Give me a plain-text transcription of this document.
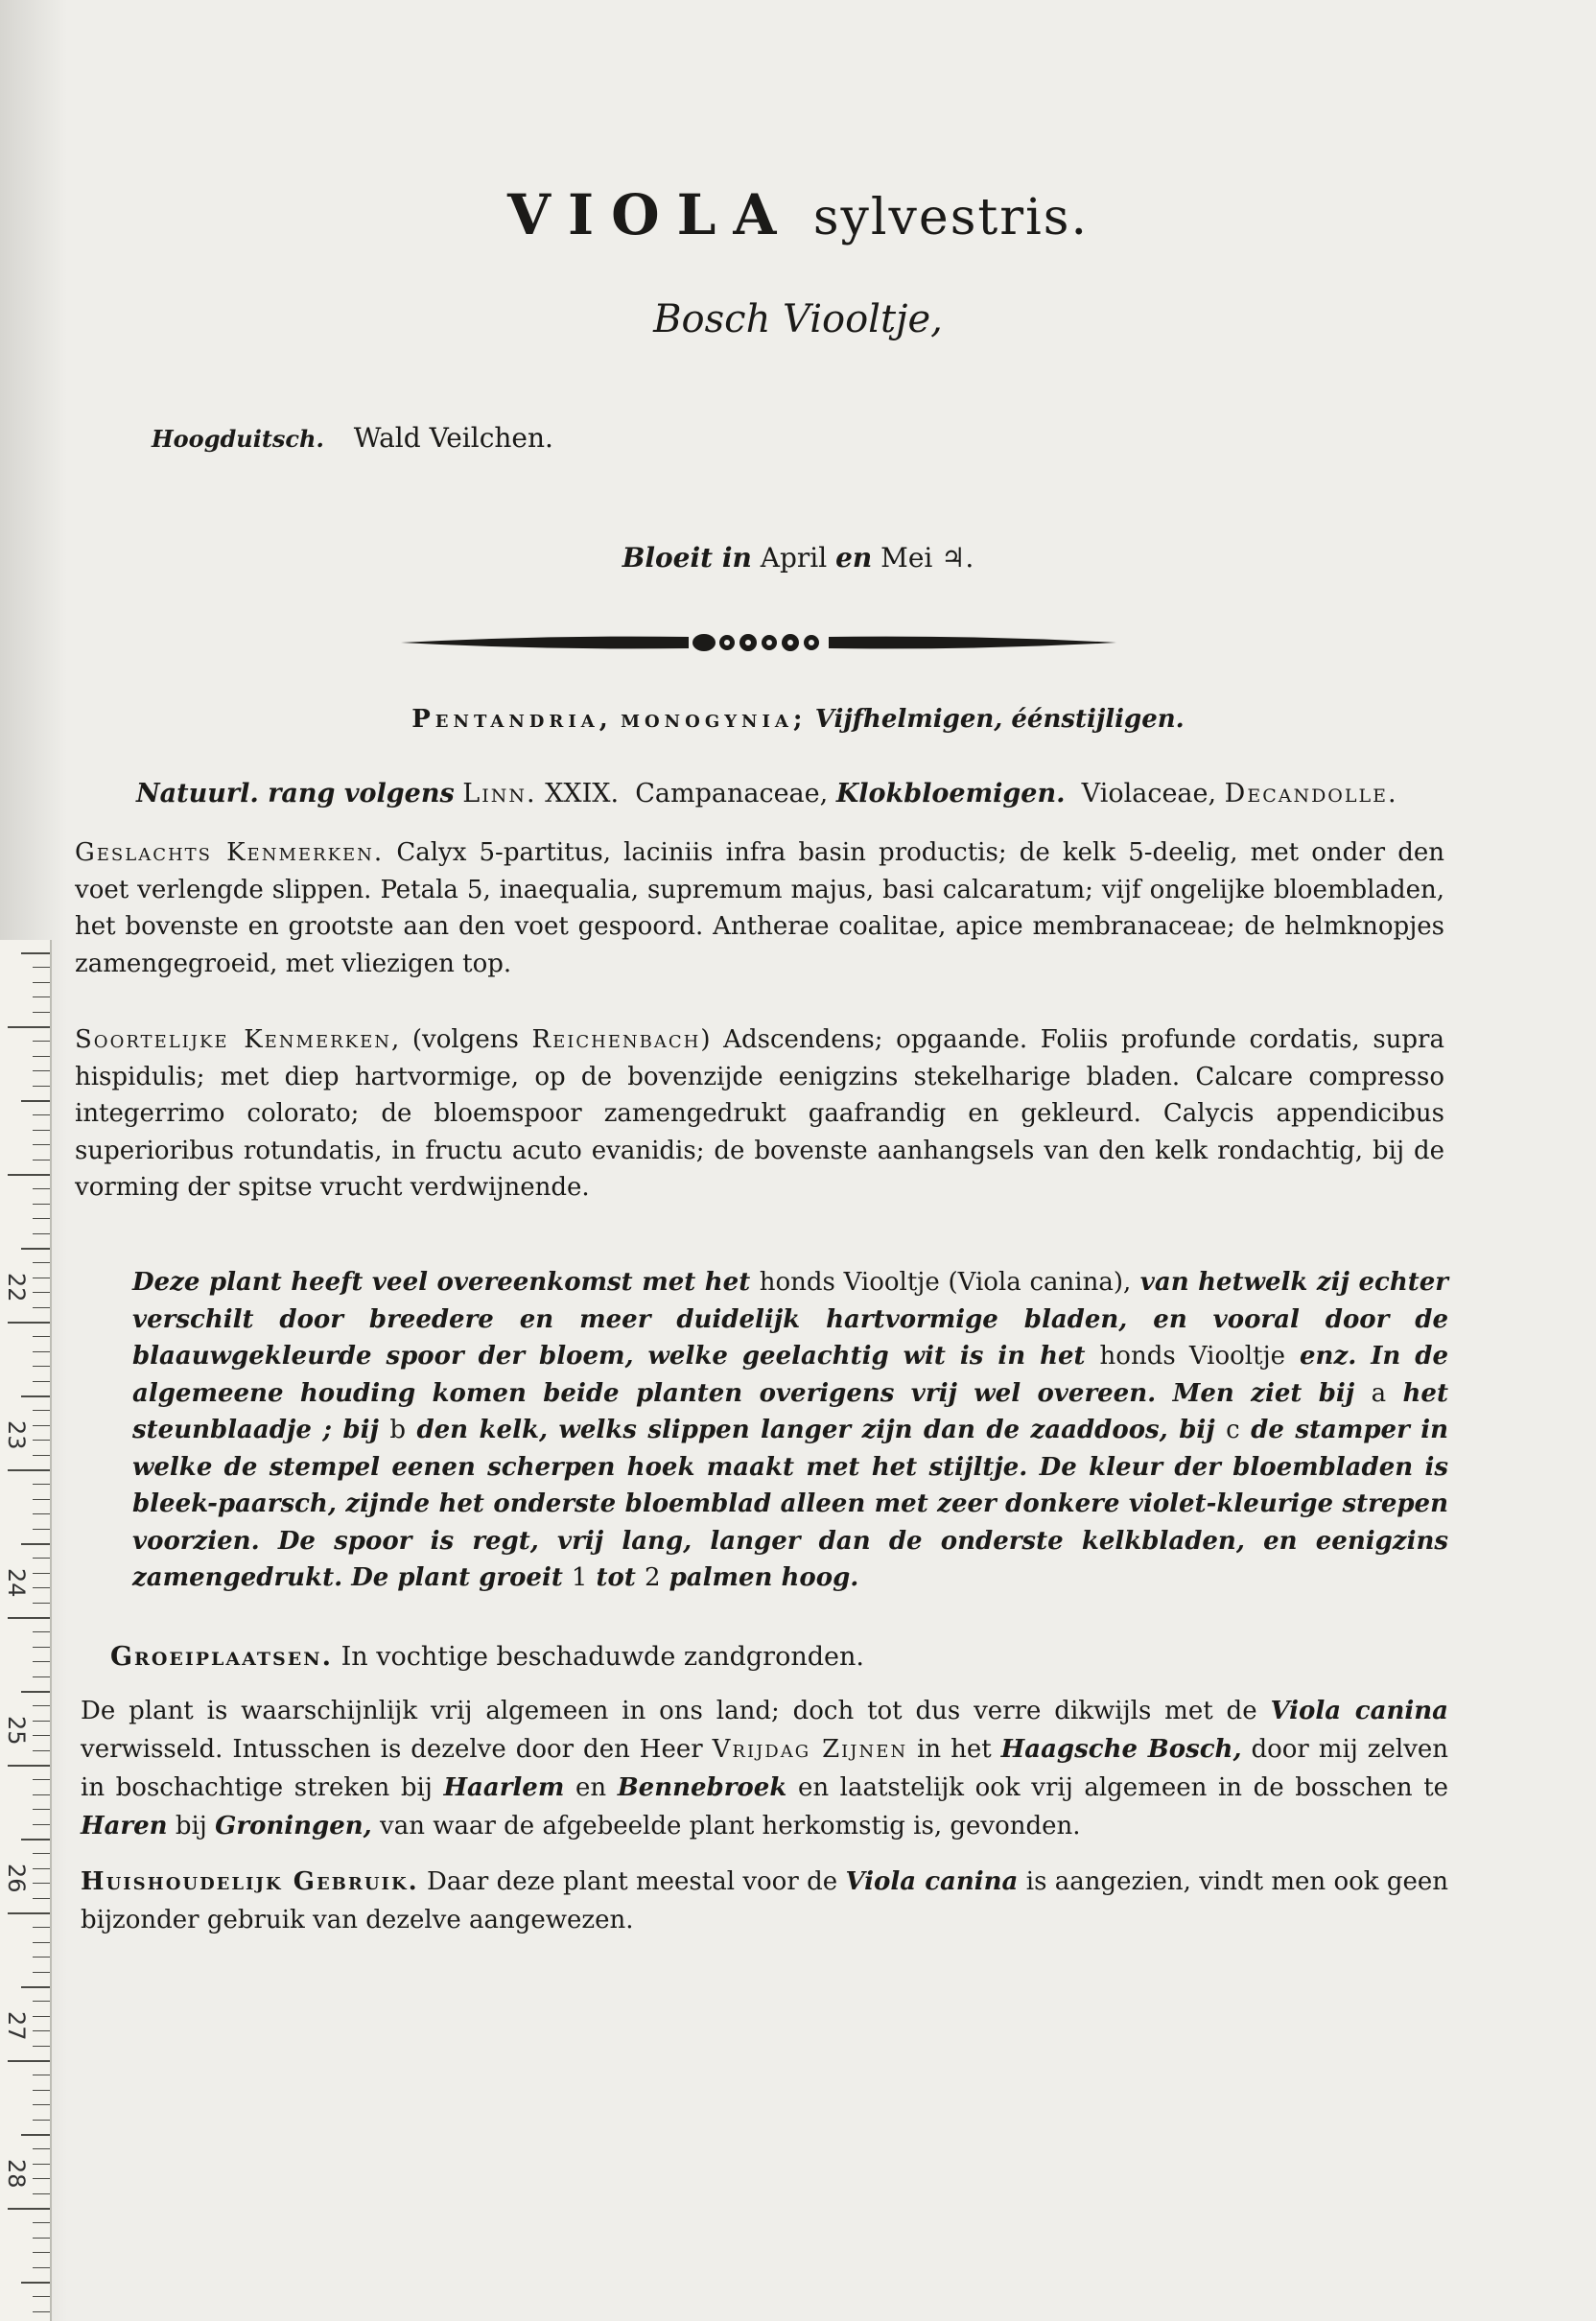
22
23
24
25
26
27
28
VIOLA sylvestris.
Bosch Viooltje,
Hoogduitsch. Wald Veilchen.
Bloeit in April en Mei ♃.
Pentandria, monogynia; Vijfhelmigen, éénstijligen.
Natuurl. rang volgens Linn. XXIX. Campanaceae, Klokbloemigen. Violaceae, Decandolle.

Geslachts Kenmerken. Calyx 5-partitus, laciniis infra basin productis; de kelk 5-deelig, met onder den voet verlengde slippen. Petala 5, inaequalia, supremum majus, basi calcaratum; vijf ongelijke bloembladen, het bovenste en grootste aan den voet gespoord. Antherae coalitae, apice membranaceae; de helmknopjes zamengegroeid, met vliezigen top.

Soortelijke Kenmerken, (volgens Reichenbach) Adscendens; opgaande. Foliis profunde cordatis, supra hispidulis; met diep hartvormige, op de bovenzijde eenigzins stekelharige bladen. Calcare compresso integerrimo colorato; de bloemspoor zamengedrukt gaafrandig en gekleurd. Calycis appendicibus superioribus rotundatis, in fructu acuto evanidis; de bovenste aanhangsels van den kelk rondachtig, bij de vorming der spitse vrucht verdwijnende.

Deze plant heeft veel overeenkomst met het honds Viooltje (Viola canina), van hetwelk zij echter verschilt door breedere en meer duidelijk hartvormige bladen, en vooral door de blaauwgekleurde spoor der bloem, welke geelachtig wit is in het honds Viooltje enz. In de algemeene houding komen beide planten overigens vrij wel overeen. Men ziet bij a het steunblaadje ; bij b den kelk, welks slippen langer zijn dan de zaaddoos, bij c de stamper in welke de stempel eenen scherpen hoek maakt met het stijltje. De kleur der bloembladen is bleek-paarsch, zijnde het onderste bloemblad alleen met zeer donkere violet-kleurige strepen voorzien. De spoor is regt, vrij lang, langer dan de onderste kelkbladen, en eenigzins zamengedrukt. De plant groeit 1 tot 2 palmen hoog.

Groeiplaatsen. In vochtige beschaduwde zandgronden.

De plant is waarschijnlijk vrij algemeen in ons land; doch tot dus verre dikwijls met de Viola canina verwisseld. Intusschen is dezelve door den Heer Vrijdag Zijnen in het Haagsche Bosch, door mij zelven in boschachtige streken bij Haarlem en Bennebroek en laatstelijk ook vrij algemeen in de bosschen te Haren bij Groningen, van waar de afgebeelde plant herkomstig is, gevonden.

Huishoudelijk Gebruik. Daar deze plant meestal voor de Viola canina is aangezien, vindt men ook geen bijzonder gebruik van dezelve aangewezen.
